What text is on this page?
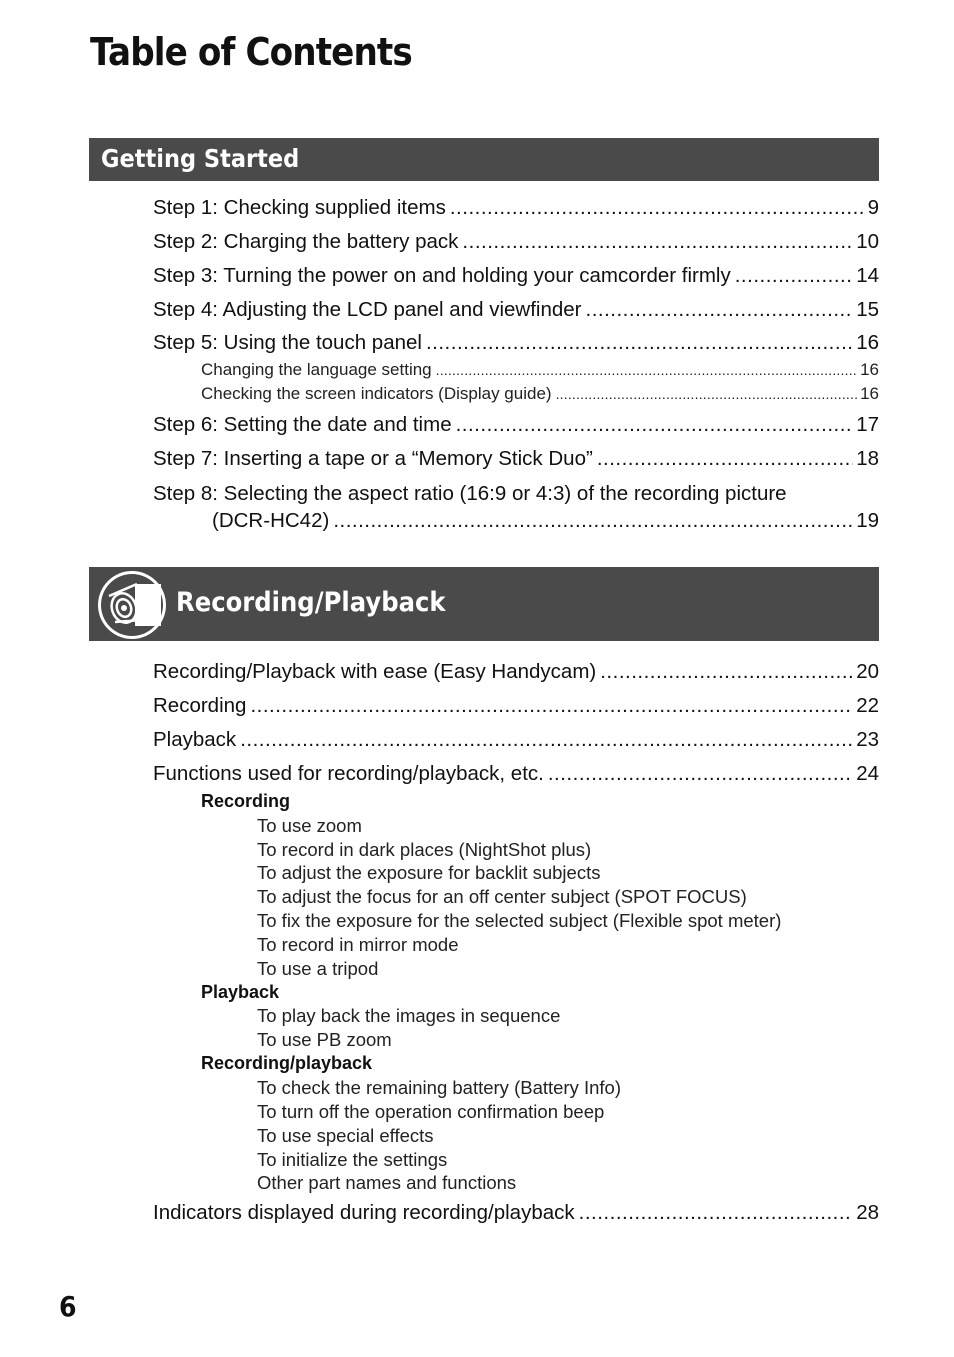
Table of Contents
Getting Started
Step 1: Checking supplied items .....	9
Step 2: Charging the battery pack .....	10
Step 3: Turning the power on and holding your camcorder firmly .....	14
Step 4: Adjusting the LCD panel and viewfinder .....	15
Step 5: Using the touch panel .....	16
Changing the language setting .....	16
Checking the screen indicators (Display guide) .....	16
Step 6: Setting the date and time .....	17
Step 7: Inserting a tape or a “Memory Stick Duo” .....	18
Step 8: Selecting the aspect ratio (16:9 or 4:3) of the recording picture
(DCR-HC42) .....	19
Recording/Playback
Recording/Playback with ease (Easy Handycam) .....	20
Recording .....	22
Playback .....	23
Functions used for recording/playback, etc. .....	24
Recording
To use zoom
To record in dark places (NightShot plus)
To adjust the exposure for backlit subjects
To adjust the focus for an off center subject (SPOT FOCUS)
To fix the exposure for the selected subject (Flexible spot meter)
To record in mirror mode
To use a tripod
Playback
To play back the images in sequence
To use PB zoom
Recording/playback
To check the remaining battery (Battery Info)
To turn off the operation confirmation beep
To use special effects
To initialize the settings
Other part names and functions
Indicators displayed during recording/playback .....	28
6
